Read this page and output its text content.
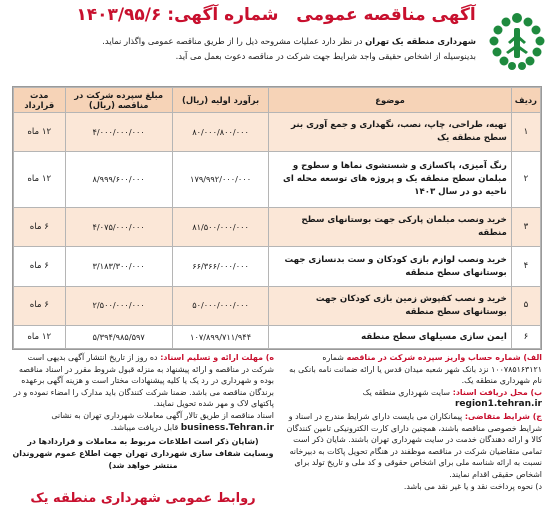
آگهی مناقصه عمومی   شماره آگهی: ۱۴۰۳/۹۵/۶
شهرداری منطقه یک تهران در نظر دارد عملیات مشروحه ذیل را از طریق مناقصه عمومی واگذار نماید.
بدینوسیله از اشخاص حقیقی واجد شرایط جهت شرکت در مناقصه دعوت بعمل می آید.
ردیف	موضوع	برآورد اولیه (ریال)	مبلغ سپرده شرکت در مناقصه (ریال)	مدت قرارداد
۱	تهیه، طراحی، چاپ، نصب، نگهداری و جمع آوری بنر سطح منطقه یک	۸۰/۰۰۰/۸۰۰/۰۰۰	۴/۰۰۰/۰۰۰/۰۰۰	۱۲ ماه
۲	رنگ آمیزی، پاکسازی و شستشوی نماها و سطوح و مبلمان سطح منطقه یک و پروژه های توسعه محله ای ناحیه دو در سال ۱۴۰۳	۱۷۹/۹۹۲/۰۰۰/۰۰۰	۸/۹۹۹/۶۰۰/۰۰۰	۱۲ ماه
۳	خرید ونصب مبلمان پارکی جهت بوستانهای سطح منطقه	۸۱/۵۰۰/۰۰۰/۰۰۰	۴/۰۷۵/۰۰۰/۰۰۰	۶ ماه
۴	خرید ونصب لوازم بازی کودکان و ست بدنسازی جهت بوستانهای سطح منطقه	۶۶/۳۶۶/۰۰۰/۰۰۰	۳/۱۸۳/۳۰۰/۰۰۰	۶ ماه
۵	خرید و نصب کفپوش زمین بازی کودکان جهت بوستانهای سطح منطقه	۵۰/۰۰۰/۰۰۰/۰۰۰	۲/۵۰۰/۰۰۰/۰۰۰	۶ ماه
۶	ایمن سازی مسیلهای سطح منطقه	۱۰۷/۸۹۹/۷۱۱/۹۴۴	۵/۳۹۴/۹۸۵/۵۹۷	۱۲ ماه
الف) شماره حساب واریز سپرده شرکت در مناقصه شماره ۱۰۰۷۸۵۱۶۳۱۲۱ نزد بانک شهر شعبه میدان قدس یا ارائه ضمانت نامه بانکی به نام شهرداری منطقه یک.
ب) محل دریافت اسناد: سایت شهرداری منطقه یک region1.tehran.ir
ج) شرایط متقاضی: پیمانکاران می بایست دارای شرایط مندرج در اسناد و شرایط خصوصی مناقصه باشند، همچنین دارای کارت الکترونیکی تامین کنندگان کالا و ارائه دهندگان خدمت در سایت شهرداری تهران باشند. شایان ذکر است تمامی متقاضیان شرکت در مناقصه موظفند در هنگام تحویل پاکات به دبیرخانه نسبت به ارائه شناسه ملی برای اشخاص حقوقی و کد ملی و تاریخ تولد برای اشخاص حقیقی اقدام نمایند.
د) نحوه پرداخت نقد و یا غیر نقد می باشد.
ه) مهلت ارائه و تسلیم اسناد: ده روز از تاریخ انتشار آگهی بدیهی است شرکت در مناقصه و ارائه پیشنهاد به منزله قبول شروط مقرر در اسناد مناقصه بوده و شهرداری در رد یک یا کلیه پیشنهادات مختار است و هزینه آگهی برعهده برندگان مناقصه می باشد. ضمنا شرکت کنندگان باید مدارک را امضاء نموده و در پاکتهای لاک و مهر شده تحویل نمایند.
اسناد مناقصه از طریق تالار آگهی معاملات شهرداری تهران به نشانی
business.Tehran.ir قابل دریافت میباشد.
(شایان ذکر است اطلاعات مربوط به معاملات و قراردادها در وبسایت شفاف سازی شهرداری تهران جهت اطلاع عموم شهروندان منتشر خواهد شد)
روابط عمومی شهرداری منطقه یک
